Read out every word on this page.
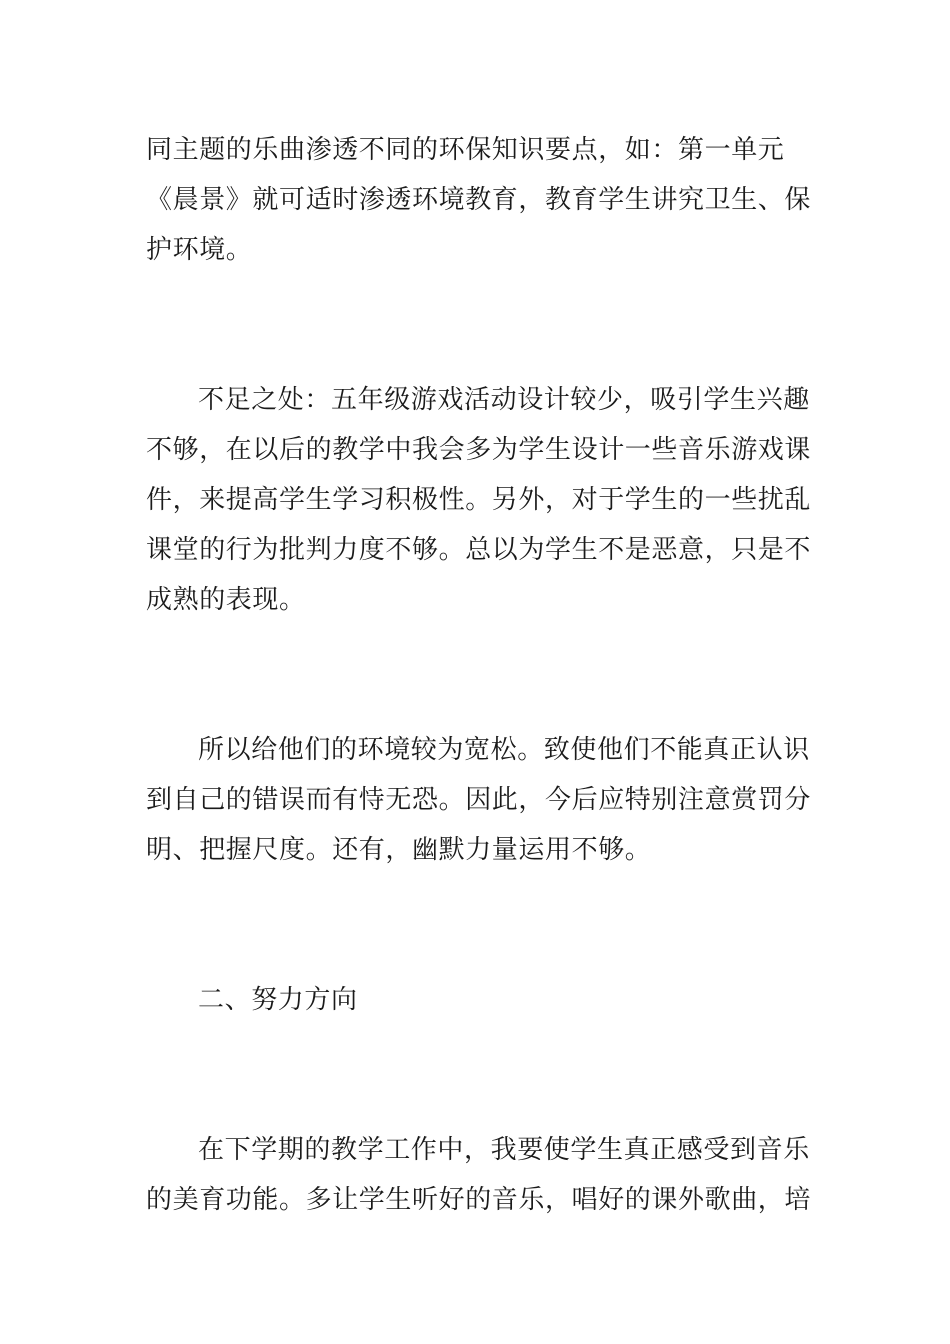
同主题的乐曲渗透不同的环保知识要点，如：第一单元
《晨景》就可适时渗透环境教育，教育学生讲究卫生、保
护环境。
不足之处：五年级游戏活动设计较少，吸引学生兴趣
不够，在以后的教学中我会多为学生设计一些音乐游戏课
件，来提高学生学习积极性。另外，对于学生的一些扰乱
课堂的行为批判力度不够。总以为学生不是恶意，只是不
成熟的表现。
所以给他们的环境较为宽松。致使他们不能真正认识
到自己的错误而有恃无恐。因此，今后应特别注意赏罚分
明、把握尺度。还有，幽默力量运用不够。
二、努力方向
在下学期的教学工作中，我要使学生真正感受到音乐
的美育功能。多让学生听好的音乐，唱好的课外歌曲，培
